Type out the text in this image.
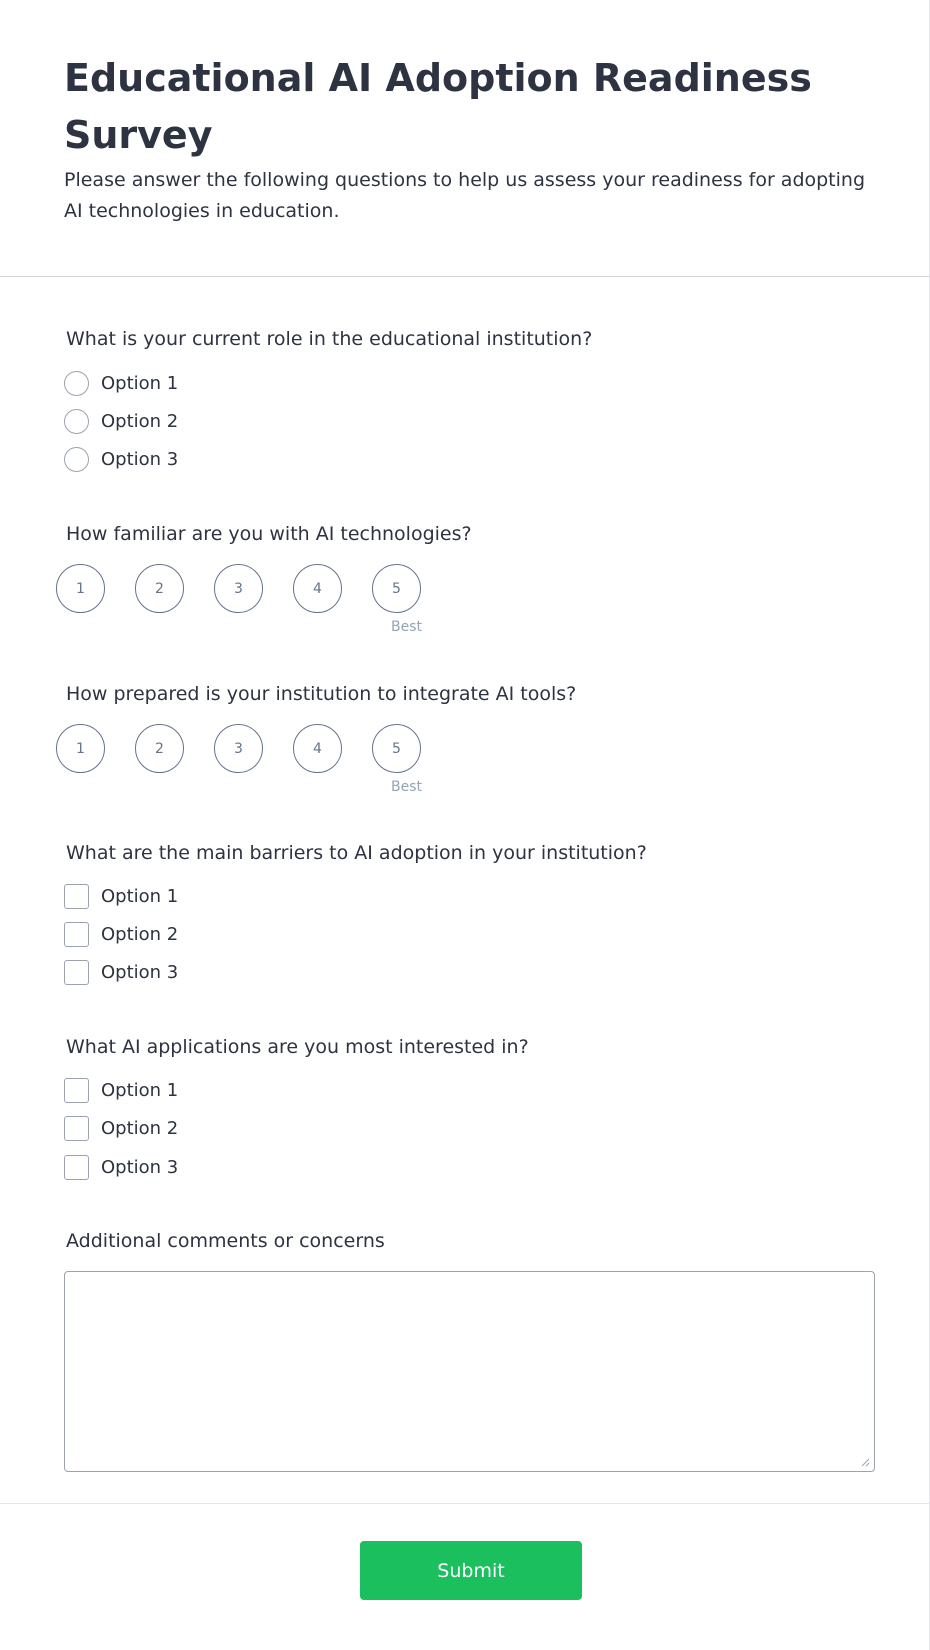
Educational AI Adoption Readiness Survey

Please answer the following questions to help us assess your readiness for adopting AI technologies in education.

What is your current role in the educational institution?
Option 1
Option 2
Option 3
How familiar are you with AI technologies?
1	2	3	4	5
Best
How prepared is your institution to integrate AI tools?
1	2	3	4	5
Best
What are the main barriers to AI adoption in your institution?
Option 1
Option 2
Option 3
What AI applications are you most interested in?
Option 1
Option 2
Option 3
Additional comments or concerns
Submit
